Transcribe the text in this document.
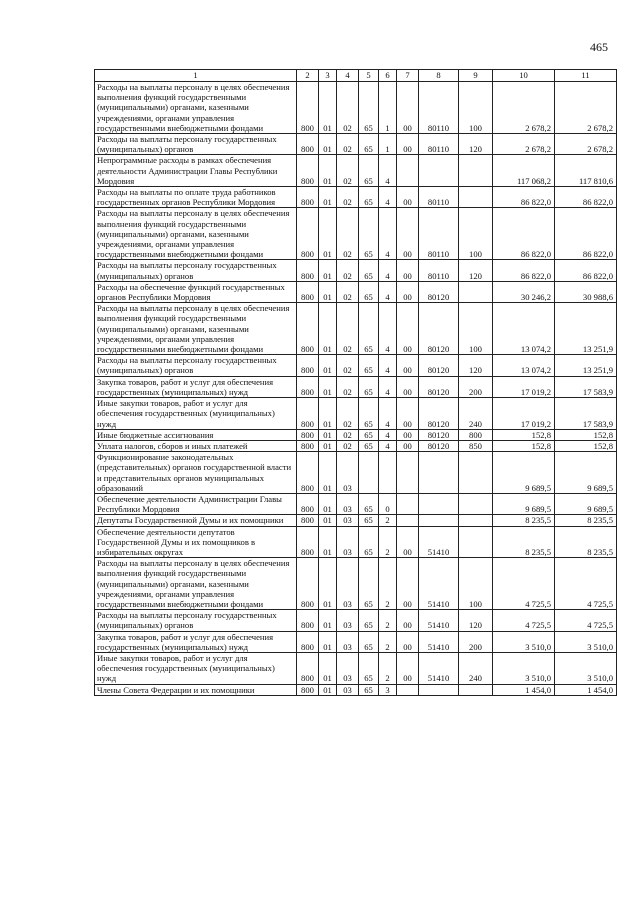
465
1	2	3	4	5	6	7	8	9	10	11
Расходы на выплаты персоналу в целях обеспечения выполнения функций государственными (муниципальными) органами, казенными учреждениями, органами управления государственными внебюджетными фондами	800	01	02	65	1	00	80110	100	2 678,2	2 678,2
Расходы на выплаты персоналу государственных (муниципальных) органов	800	01	02	65	1	00	80110	120	2 678,2	2 678,2
Непрограммные расходы в рамках обеспечения деятельности Администрации Главы Республики Мордовия	800	01	02	65	4				117 068,2	117 810,6
Расходы на выплаты по оплате труда работников государственных органов Республики Мордовия	800	01	02	65	4	00	80110		86 822,0	86 822,0
Расходы на выплаты персоналу в целях обеспечения выполнения функций государственными (муниципальными) органами, казенными учреждениями, органами управления государственными внебюджетными фондами	800	01	02	65	4	00	80110	100	86 822,0	86 822,0
Расходы на выплаты персоналу государственных (муниципальных) органов	800	01	02	65	4	00	80110	120	86 822,0	86 822,0
Расходы на обеспечение функций государственных органов Республики Мордовия	800	01	02	65	4	00	80120		30 246,2	30 988,6
Расходы на выплаты персоналу в целях обеспечения выполнения функций государственными (муниципальными) органами, казенными учреждениями, органами управления государственными внебюджетными фондами	800	01	02	65	4	00	80120	100	13 074,2	13 251,9
Расходы на выплаты персоналу государственных (муниципальных) органов	800	01	02	65	4	00	80120	120	13 074,2	13 251,9
Закупка товаров, работ и услуг для обеспечения государственных (муниципальных) нужд	800	01	02	65	4	00	80120	200	17 019,2	17 583,9
Иные закупки товаров, работ и услуг для обеспечения государственных (муниципальных) нужд	800	01	02	65	4	00	80120	240	17 019,2	17 583,9
Иные бюджетные ассигнования	800	01	02	65	4	00	80120	800	152,8	152,8
Уплата налогов, сборов и иных платежей	800	01	02	65	4	00	80120	850	152,8	152,8
Функционирование законодательных (представительных) органов государственной власти и представительных органов муниципальных образований	800	01	03						9 689,5	9 689,5
Обеспечение деятельности Администрации Главы Республики Мордовия	800	01	03	65	0				9 689,5	9 689,5
Депутаты Государственной Думы и их помощники	800	01	03	65	2				8 235,5	8 235,5
Обеспечение деятельности депутатов Государственной Думы и их помощников в избирательных округах	800	01	03	65	2	00	51410		8 235,5	8 235,5
Расходы на выплаты персоналу в целях обеспечения выполнения функций государственными (муниципальными) органами, казенными учреждениями, органами управления государственными внебюджетными фондами	800	01	03	65	2	00	51410	100	4 725,5	4 725,5
Расходы на выплаты персоналу государственных (муниципальных) органов	800	01	03	65	2	00	51410	120	4 725,5	4 725,5
Закупка товаров, работ и услуг для обеспечения государственных (муниципальных) нужд	800	01	03	65	2	00	51410	200	3 510,0	3 510,0
Иные закупки товаров, работ и услуг для обеспечения государственных (муниципальных) нужд	800	01	03	65	2	00	51410	240	3 510,0	3 510,0
Члены Совета Федерации и их помощники	800	01	03	65	3				1 454,0	1 454,0
